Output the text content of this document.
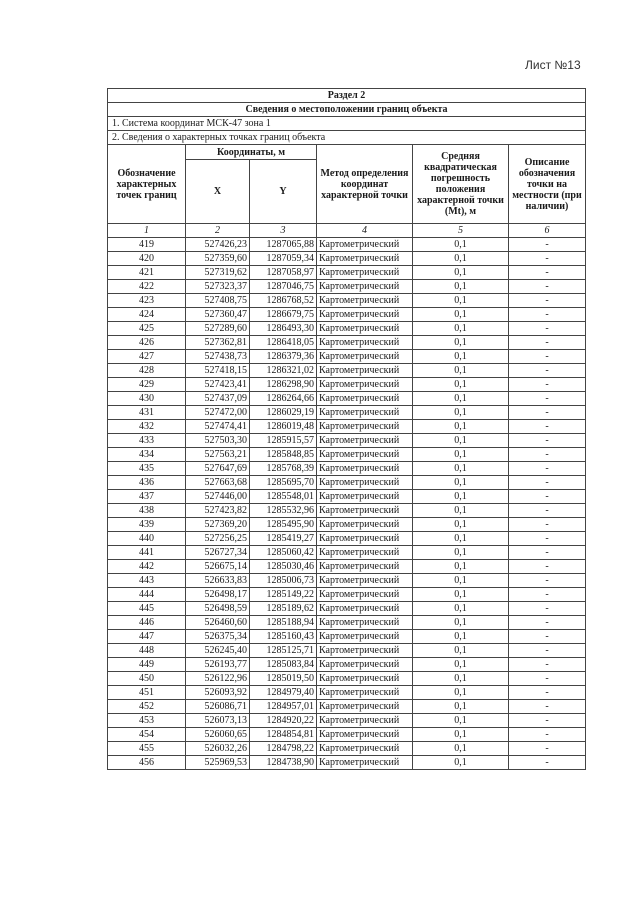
Лист №13
Раздел 2					
Сведения о местоположении границ объекта					
1. Система координат МСК-47 зона 1					
2. Сведения о характерных точках границ объекта					
Обозначение характерных точек границ	Координаты, м		Метод определения координат характерной точки	Средняя квадратическая погрешность положения характерной точки (Mt), м	Описание обозначения точки на местности (при наличии)
	X	Y			
1	2	3	4	5	6
419	527426,23	1287065,88	Картометрический	0,1	-
420	527359,60	1287059,34	Картометрический	0,1	-
421	527319,62	1287058,97	Картометрический	0,1	-
422	527323,37	1287046,75	Картометрический	0,1	-
423	527408,75	1286768,52	Картометрический	0,1	-
424	527360,47	1286679,75	Картометрический	0,1	-
425	527289,60	1286493,30	Картометрический	0,1	-
426	527362,81	1286418,05	Картометрический	0,1	-
427	527438,73	1286379,36	Картометрический	0,1	-
428	527418,15	1286321,02	Картометрический	0,1	-
429	527423,41	1286298,90	Картометрический	0,1	-
430	527437,09	1286264,66	Картометрический	0,1	-
431	527472,00	1286029,19	Картометрический	0,1	-
432	527474,41	1286019,48	Картометрический	0,1	-
433	527503,30	1285915,57	Картометрический	0,1	-
434	527563,21	1285848,85	Картометрический	0,1	-
435	527647,69	1285768,39	Картометрический	0,1	-
436	527663,68	1285695,70	Картометрический	0,1	-
437	527446,00	1285548,01	Картометрический	0,1	-
438	527423,82	1285532,96	Картометрический	0,1	-
439	527369,20	1285495,90	Картометрический	0,1	-
440	527256,25	1285419,27	Картометрический	0,1	-
441	526727,34	1285060,42	Картометрический	0,1	-
442	526675,14	1285030,46	Картометрический	0,1	-
443	526633,83	1285006,73	Картометрический	0,1	-
444	526498,17	1285149,22	Картометрический	0,1	-
445	526498,59	1285189,62	Картометрический	0,1	-
446	526460,60	1285188,94	Картометрический	0,1	-
447	526375,34	1285160,43	Картометрический	0,1	-
448	526245,40	1285125,71	Картометрический	0,1	-
449	526193,77	1285083,84	Картометрический	0,1	-
450	526122,96	1285019,50	Картометрический	0,1	-
451	526093,92	1284979,40	Картометрический	0,1	-
452	526086,71	1284957,01	Картометрический	0,1	-
453	526073,13	1284920,22	Картометрический	0,1	-
454	526060,65	1284854,81	Картометрический	0,1	-
455	526032,26	1284798,22	Картометрический	0,1	-
456	525969,53	1284738,90	Картометрический	0,1	-
